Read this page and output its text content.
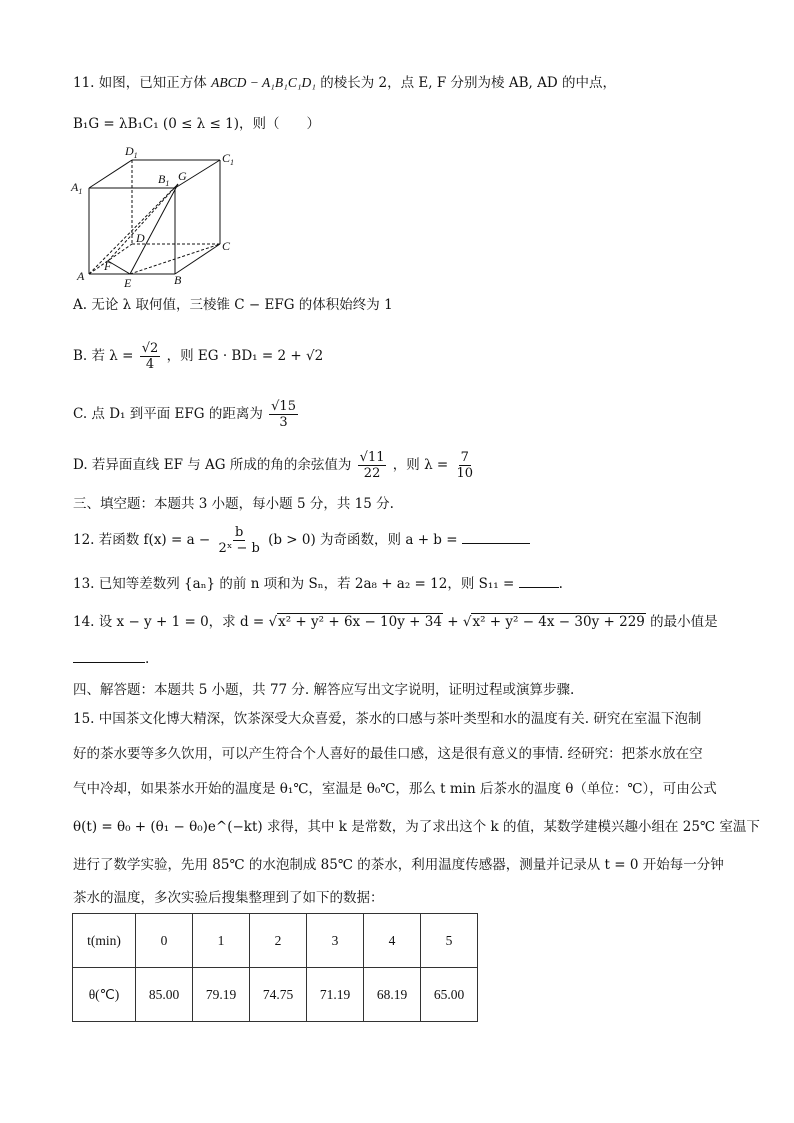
11. 如图，已知正方体 ABCD − A₁B₁C₁D₁ 的棱长为 2，点 E, F 分别为棱 AB, AD 的中点，
B₁G = λB₁C₁ (0 ≤ λ ≤ 1)，则（　　）
$D_1$	$C_1$
$A_1$
$B_1$
G
D
C
A
F
E	B
A. 无论 λ 取何值，三棱锥 C − EFG 的体积始终为 1
B. 若 $\lambda = \frac{√2}{4}$ ，则 EG · BD₁ = 2 + √2
C. 点 D₁ 到平面 EFG 的距离为 $\frac{√15}{3}$
D. 若异面直线 EF 与 AG 所成的角的余弦值为 $\frac{√11}{22}$ ，则 $\lambda = \frac{7}{10}$
三、填空题：本题共 3 小题，每小题 5 分，共 15 分.
12. 若函数 $f(x) = a - \frac{b}{\text{2ˣ − b}} (b > 0)$ 为奇函数，则 a + b =
13. 已知等差数列 {aₙ} 的前 n 项和为 Sₙ，若 2a₈ + a₂ = 12，则 S₁₁ =	.
14. 设 x − y + 1 = 0，求 d = √x² + y² + 6x − 10y + 34 + √x² + y² − 4x − 30y + 229 的最小值是
.
四、解答题：本题共 5 小题，共 77 分. 解答应写出文字说明，证明过程或演算步骤.
15. 中国茶文化博大精深，饮茶深受大众喜爱，茶水的口感与茶叶类型和水的温度有关. 研究在室温下泡制
好的茶水要等多久饮用，可以产生符合个人喜好的最佳口感，这是很有意义的事情. 经研究：把茶水放在空
气中冷却，如果茶水开始的温度是 θ₁℃，室温是 θ₀℃，那么 t min 后茶水的温度 θ（单位：℃），可由公式
θ(t) = θ₀ + (θ₁ − θ₀)e^(−kt) 求得，其中 k 是常数，为了求出这个 k 的值，某数学建模兴趣小组在 25℃ 室温下
进行了数学实验，先用 85℃ 的水泡制成 85℃ 的茶水，利用温度传感器，测量并记录从 t = 0 开始每一分钟
茶水的温度，多次实验后搜集整理到了如下的数据：
t(min)	0	1	2	3	4	5
θ(℃)	85.00	79.19	74.75	71.19	68.19	65.00
